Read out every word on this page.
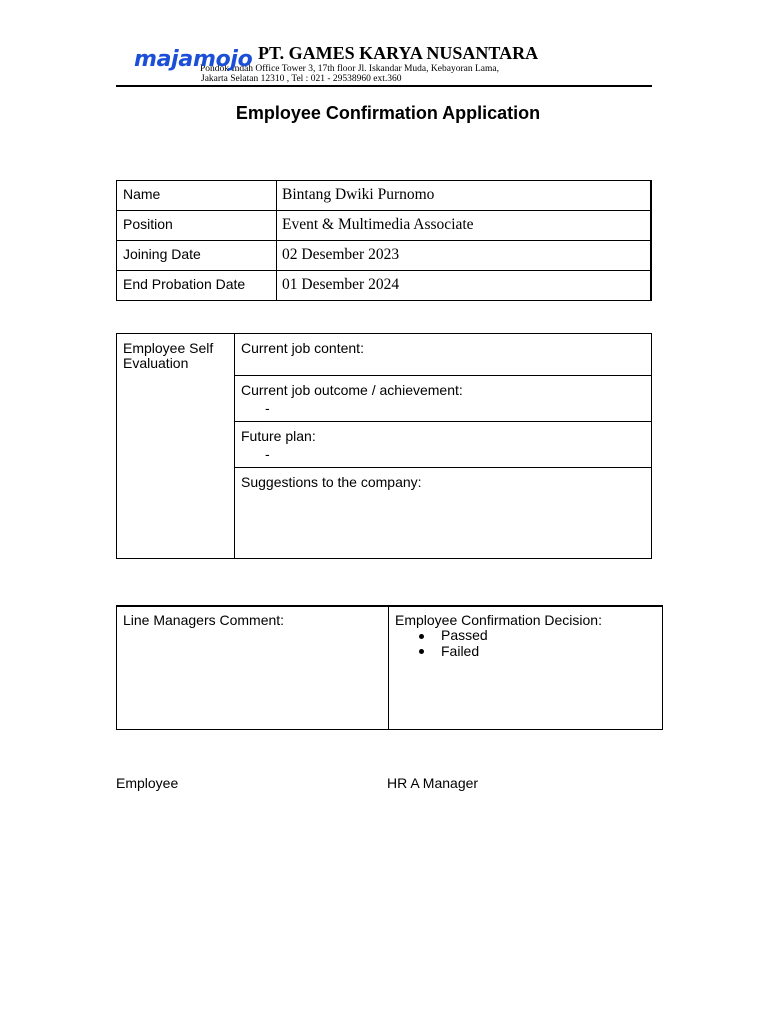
majamojo PT. GAMES KARYA NUSANTARA
Pondok Indah Office Tower 3, 17th floor Jl. Iskandar Muda, Kebayoran Lama,
Jakarta Selatan 12310 , Tel : 021 - 29538960 ext.360
Employee Confirmation Application
Name	Bintang Dwiki Purnomo
Position	Event & Multimedia Associate
Joining Date	02 Desember 2023
End Probation Date	01 Desember 2024
Employee Self Evaluation
Current job content:
Current job outcome / achievement:
-
Future plan:
-
Suggestions to the company:
Line Managers Comment:	Employee Confirmation Decision:
Passed
Failed
Employee	HR A Manager
